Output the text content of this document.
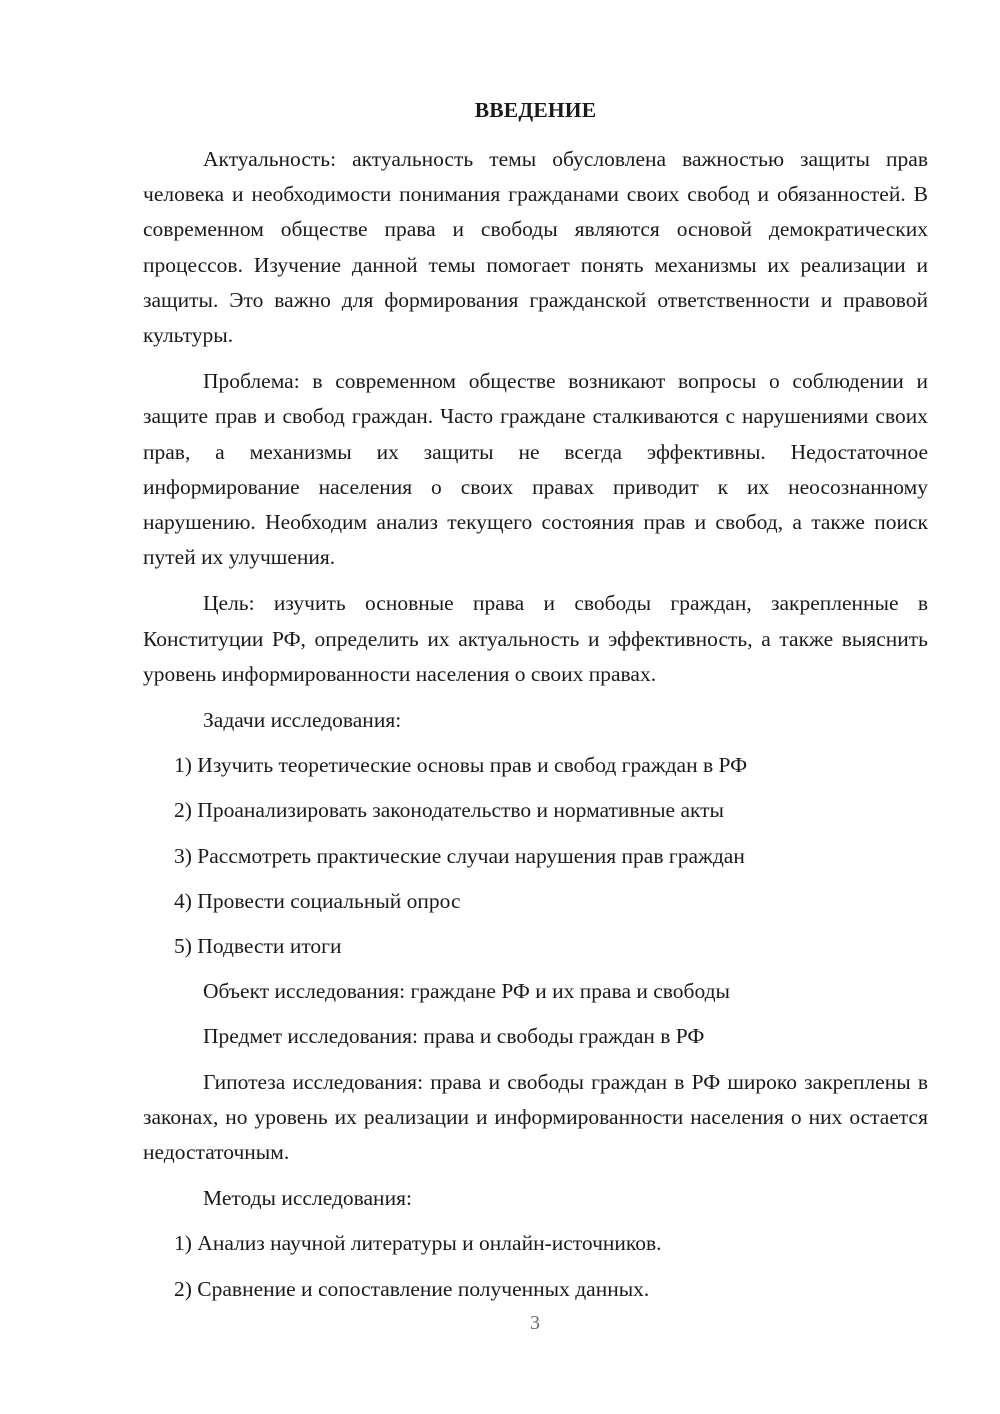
ВВЕДЕНИЕ

Актуальность: актуальность темы обусловлена важностью защиты прав человека и необходимости понимания гражданами своих свобод и обязанностей. В современном обществе права и свободы являются основой демократических процессов. Изучение данной темы помогает понять механизмы их реализации и защиты. Это важно для формирования гражданской ответственности и правовой культуры.

Проблема: в современном обществе возникают вопросы о соблюдении и защите прав и свобод граждан. Часто граждане сталкиваются с нарушениями своих прав, а механизмы их защиты не всегда эффективны. Недостаточное информирование населения о своих правах приводит к их неосознанному нарушению. Необходим анализ текущего состояния прав и свобод, а также поиск путей их улучшения.

Цель: изучить основные права и свободы граждан, закрепленные в Конституции РФ, определить их актуальность и эффективность, а также выяснить уровень информированности населения о своих правах.

Задачи исследования:
1) Изучить теоретические основы прав и свобод граждан в РФ
2) Проанализировать законодательство и нормативные акты
3) Рассмотреть практические случаи нарушения прав граждан
4) Провести социальный опрос
5) Подвести итоги
Объект исследования: граждане РФ и их права и свободы
Предмет исследования: права и свободы граждан в РФ

Гипотеза исследования: права и свободы граждан в РФ широко закреплены в законах, но уровень их реализации и информированности населения о них остается недостаточным.

Методы исследования:
1) Анализ научной литературы и онлайн-источников.
2) Сравнение и сопоставление полученных данных.
3
